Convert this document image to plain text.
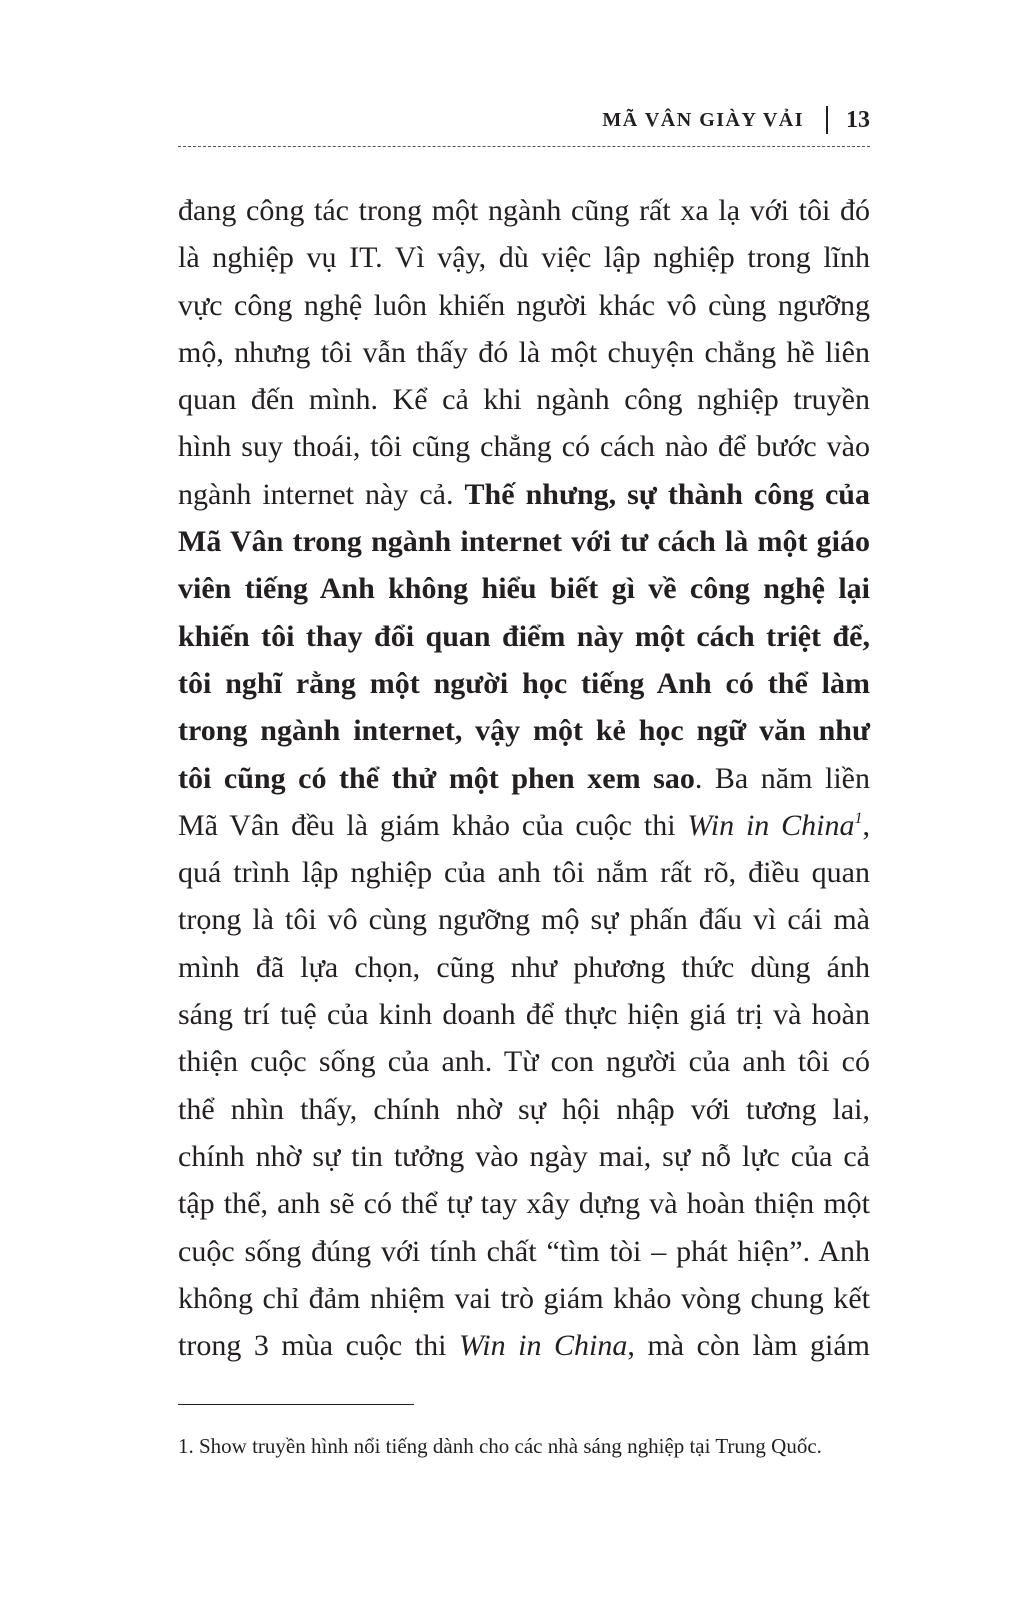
MÃ VÂN GIÀY VẢI 13
đang công tác trong một ngành cũng rất xa lạ với tôi đó
là nghiệp vụ IT. Vì vậy, dù việc lập nghiệp trong lĩnh
vực công nghệ luôn khiến người khác vô cùng ngưỡng
mộ, nhưng tôi vẫn thấy đó là một chuyện chẳng hề liên
quan đến mình. Kể cả khi ngành công nghiệp truyền
hình suy thoái, tôi cũng chẳng có cách nào để bước vào
ngành internet này cả. Thế nhưng, sự thành công của
Mã Vân trong ngành internet với tư cách là một giáo
viên tiếng Anh không hiểu biết gì về công nghệ lại
khiến tôi thay đổi quan điểm này một cách triệt để,
tôi nghĩ rằng một người học tiếng Anh có thể làm
trong ngành internet, vậy một kẻ học ngữ văn như
tôi cũng có thể thử một phen xem sao. Ba năm liền
Mã Vân đều là giám khảo của cuộc thi Win in China$^1$,
quá trình lập nghiệp của anh tôi nắm rất rõ, điều quan
trọng là tôi vô cùng ngưỡng mộ sự phấn đấu vì cái mà
mình đã lựa chọn, cũng như phương thức dùng ánh
sáng trí tuệ của kinh doanh để thực hiện giá trị và hoàn
thiện cuộc sống của anh. Từ con người của anh tôi có
thể nhìn thấy, chính nhờ sự hội nhập với tương lai,
chính nhờ sự tin tưởng vào ngày mai, sự nỗ lực của cả
tập thể, anh sẽ có thể tự tay xây dựng và hoàn thiện một
cuộc sống đúng với tính chất “tìm tòi – phát hiện”. Anh
không chỉ đảm nhiệm vai trò giám khảo vòng chung kết
trong 3 mùa cuộc thi Win in China, mà còn làm giám
1. Show truyền hình nổi tiếng dành cho các nhà sáng nghiệp tại Trung Quốc.
